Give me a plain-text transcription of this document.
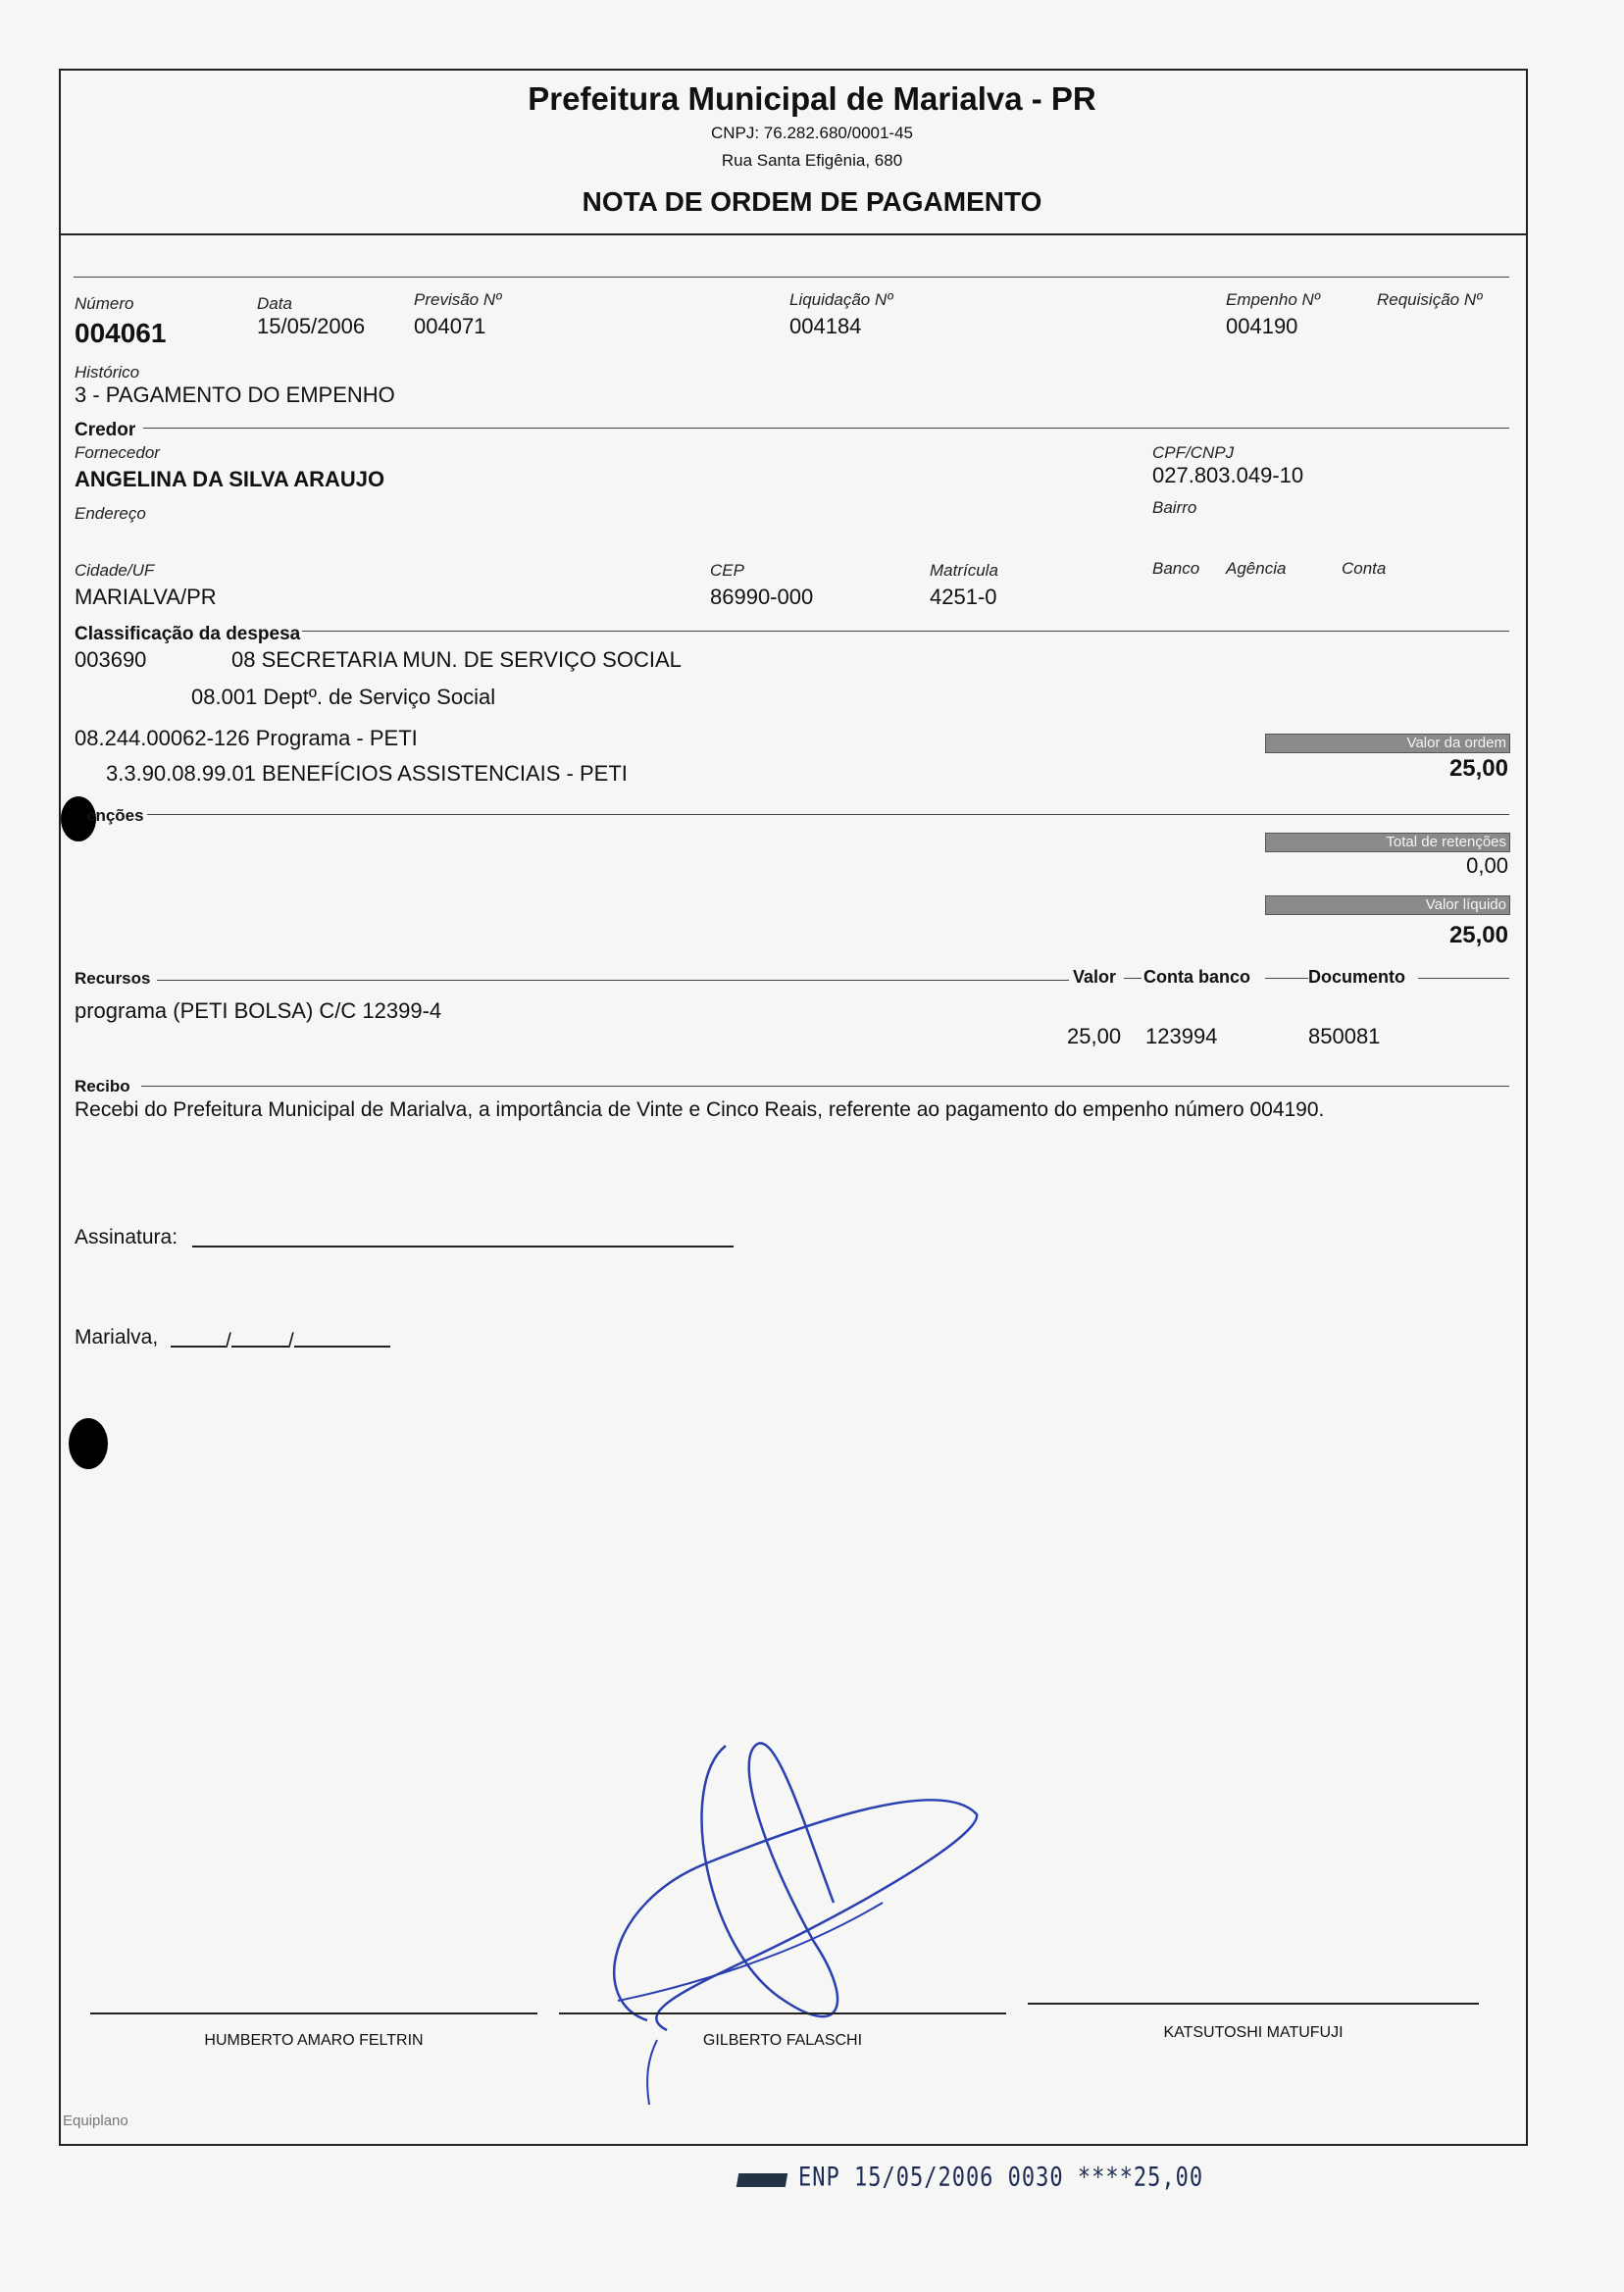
Prefeitura Municipal de Marialva - PR
CNPJ: 76.282.680/0001-45
Rua Santa Efigênia, 680
NOTA DE ORDEM DE PAGAMENTO
Número
004061
Data
15/05/2006
Previsão Nº
004071
Liquidação Nº
004184
Empenho Nº
004190
Requisição Nº
Histórico
3 - PAGAMENTO DO EMPENHO
Credor
Fornecedor
ANGELINA DA SILVA ARAUJO
CPF/CNPJ
027.803.049-10
Endereço	Bairro
Cidade/UF
MARIALVA/PR
CEP
86990-000
Matrícula
4251-0
Banco Agência	Conta
Classificação da despesa
003690	08 SECRETARIA MUN. DE SERVIÇO SOCIAL
08.001 Deptº. de Serviço Social
08.244.00062-126 Programa - PETI
3.3.90.08.99.01 BENEFÍCIOS ASSISTENCIAIS - PETI
Valor da ordem
25,00
enções
Total de retenções
0,00
Valor líquido
25,00
Recursos	Valor Conta banco	Documento
programa (PETI BOLSA) C/C 12399-4
25,00 123994	850081
Recibo
Recebi do Prefeitura Municipal de Marialva, a importância de Vinte e Cinco Reais, referente ao pagamento do empenho número 004190.
Assinatura:
Marialva,	/	/
HUMBERTO AMARO FELTRIN	GILBERTO FALASCHI	KATSUTOSHI MATUFUJI
Equiplano
ENP 15/05/2006 0030 ****25,00
